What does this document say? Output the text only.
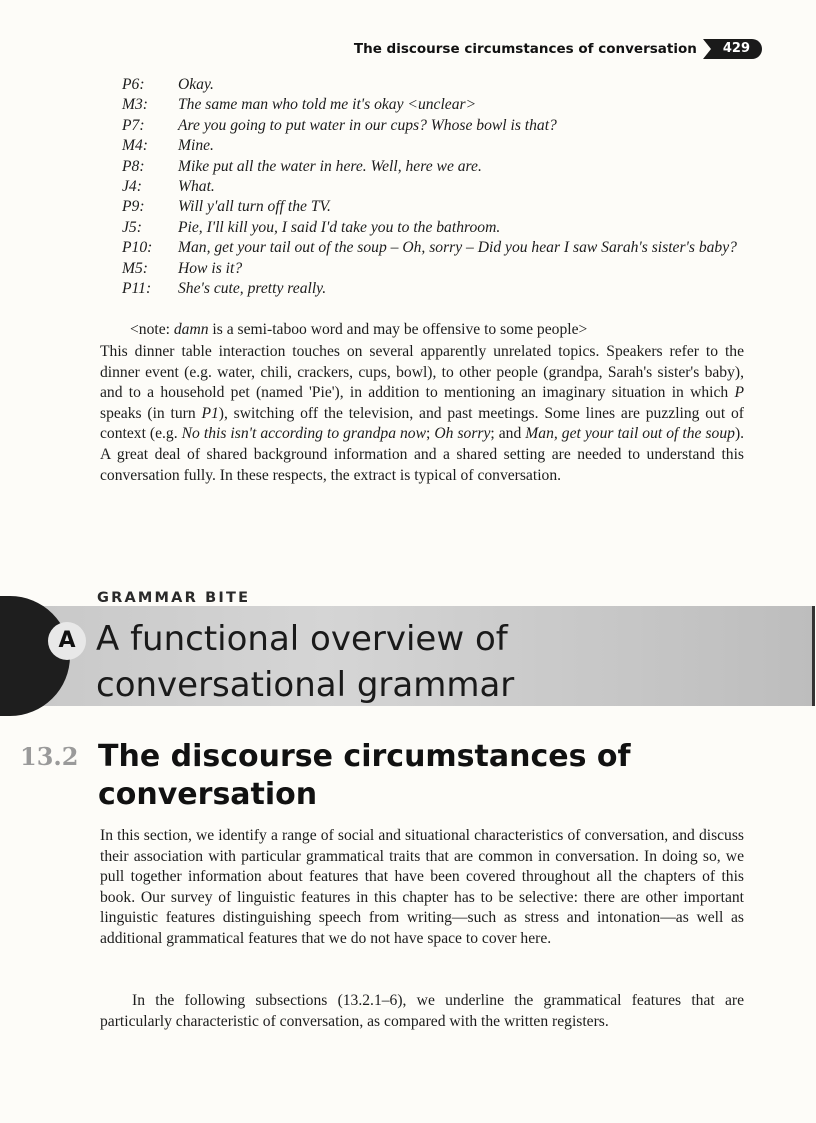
The discourse circumstances of conversation	429
P6:	Okay.
M3:	The same man who told me it's okay <unclear>
P7:	Are you going to put water in our cups? Whose bowl is that?
M4:	Mine.
P8:	Mike put all the water in here. Well, here we are.
J4:	What.
P9:	Will y'all turn off the TV.
J5:	Pie, I'll kill you, I said I'd take you to the bathroom.
P10:	Man, get your tail out of the soup – Oh, sorry – Did you hear I saw Sarah's sister's baby?
M5:	How is it?
P11:	She's cute, pretty really.
<note: damn is a semi-taboo word and may be offensive to some people>

This dinner table interaction touches on several apparently unrelated topics. Speakers refer to the dinner event (e.g. water, chili, crackers, cups, bowl), to other people (grandpa, Sarah's sister's baby), and to a household pet (named 'Pie'), in addition to mentioning an imaginary situation in which P speaks (in turn P1), switching off the television, and past meetings. Some lines are puzzling out of context (e.g. No this isn't according to grandpa now; Oh sorry; and Man, get your tail out of the soup). A great deal of shared background information and a shared setting are needed to understand this conversation fully. In these respects, the extract is typical of conversation.

GRAMMAR BITE
A A functional overview of
conversational grammar
13.2 The discourse circumstances of conversation

In this section, we identify a range of social and situational characteristics of conversation, and discuss their association with particular grammatical traits that are common in conversation. In doing so, we pull together information about features that have been covered throughout all the chapters of this book. Our survey of linguistic features in this chapter has to be selective: there are other important linguistic features distinguishing speech from writing—such as stress and intonation—as well as additional grammatical features that we do not have space to cover here.

In the following subsections (13.2.1–6), we underline the grammatical features that are particularly characteristic of conversation, as compared with the written registers.
